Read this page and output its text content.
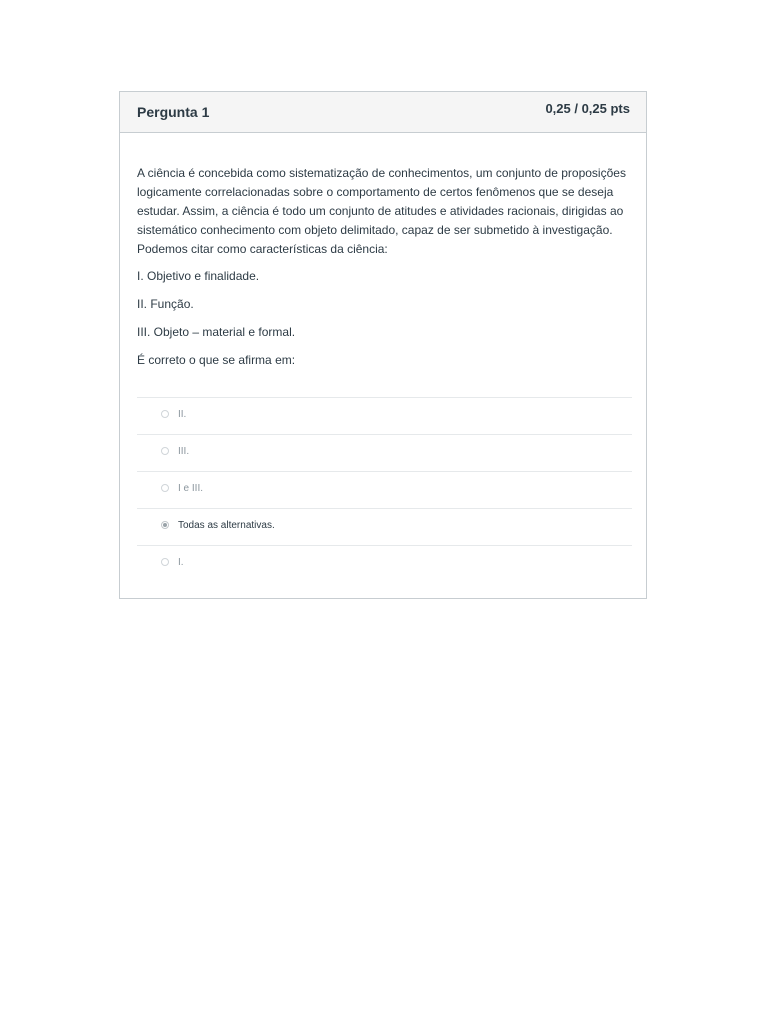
Pergunta 1	0,25 / 0,25 pts

A ciência é concebida como sistematização de conhecimentos, um conjunto de proposições logicamente correlacionadas sobre o comportamento de certos fenômenos que se deseja estudar. Assim, a ciência é todo um conjunto de atitudes e atividades racionais, dirigidas ao sistemático conhecimento com objeto delimitado, capaz de ser submetido à investigação. Podemos citar como características da ciência:

I. Objetivo e finalidade.

II. Função.

III. Objeto – material e formal.

É correto o que se afirma em:

II.
III.
I e III.
Todas as alternativas.
I.
